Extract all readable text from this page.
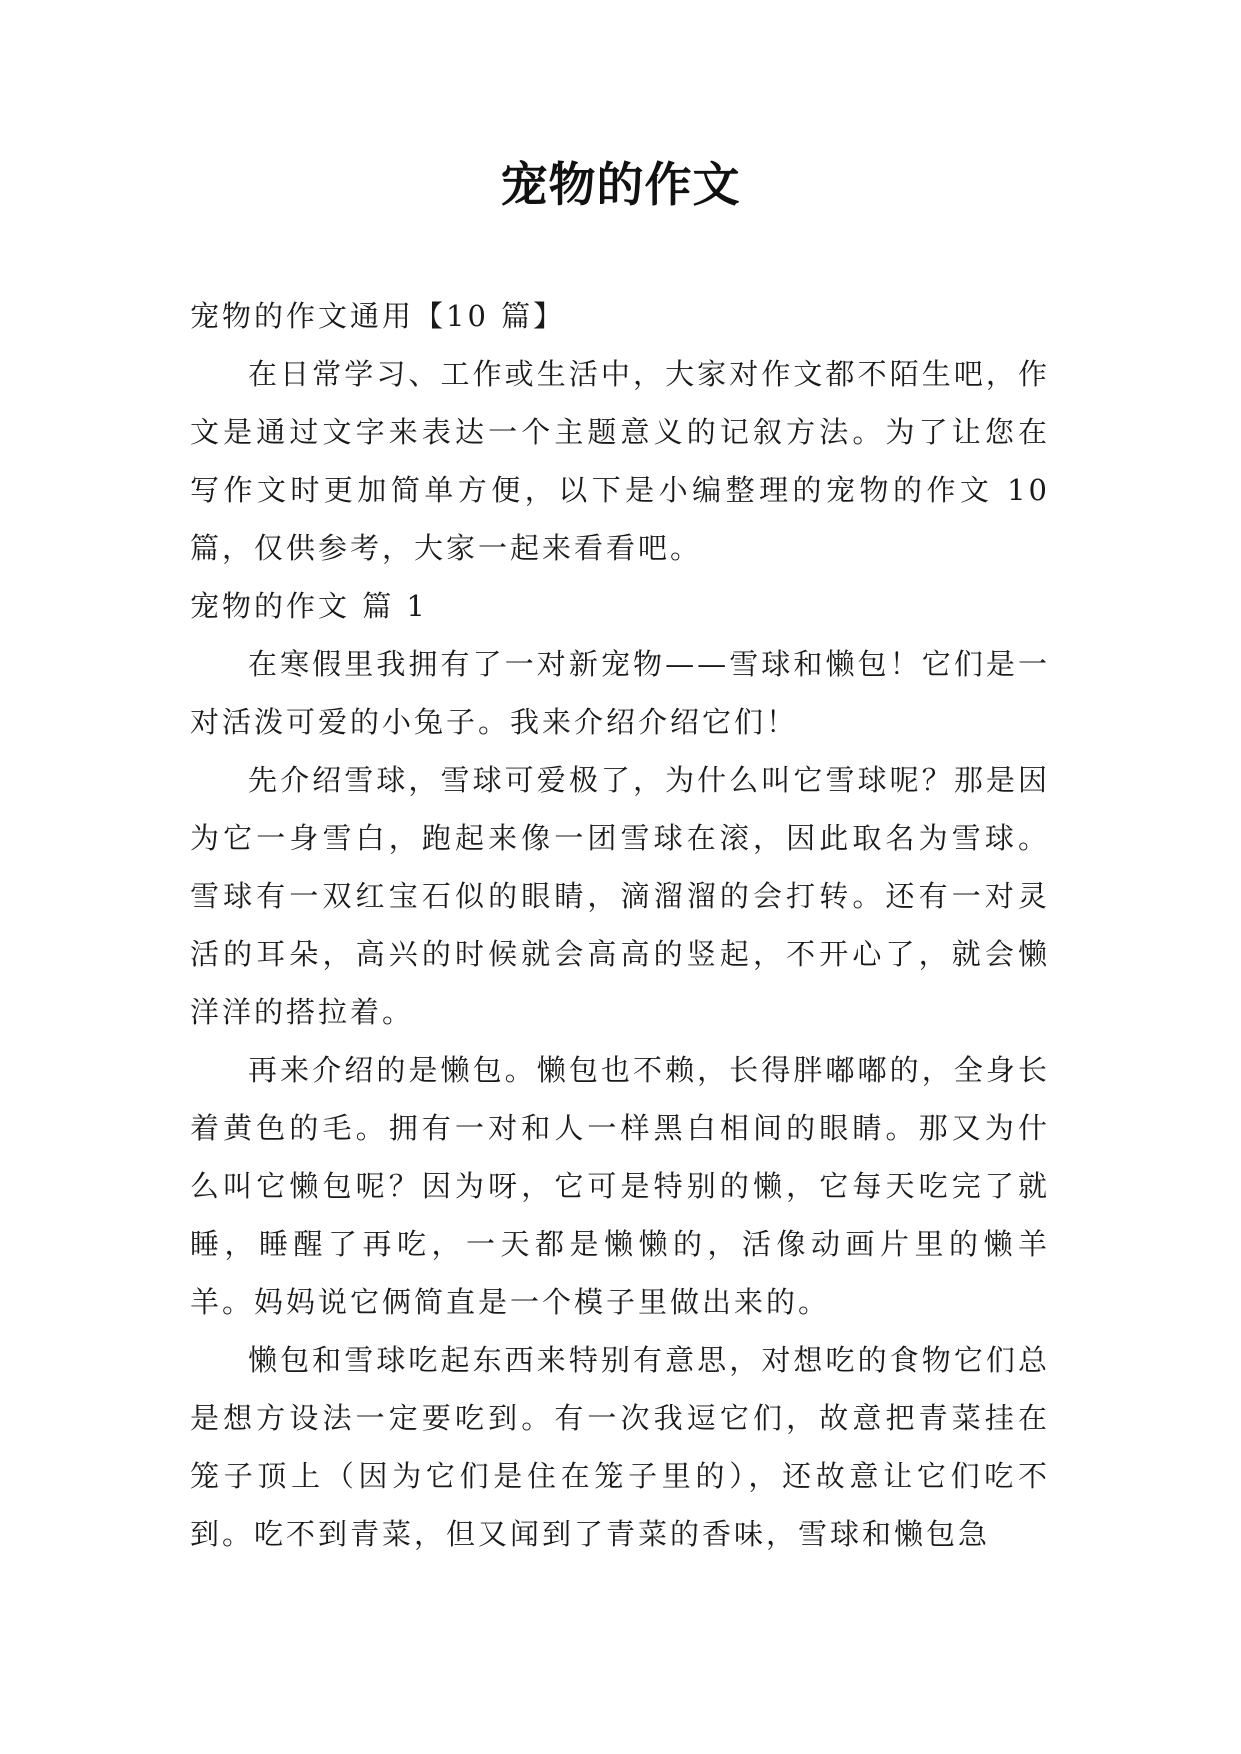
宠物的作文

宠物的作文通用【10 篇】

在日常学习、工作或生活中，大家对作文都不陌生吧，作文是通过文字来表达一个主题意义的记叙方法。为了让您在写作文时更加简单方便，以下是小编整理的宠物的作文 10 篇，仅供参考，大家一起来看看吧。

宠物的作文 篇 1

在寒假里我拥有了一对新宠物——雪球和懒包！它们是一对活泼可爱的小兔子。我来介绍介绍它们！

先介绍雪球，雪球可爱极了，为什么叫它雪球呢？那是因为它一身雪白，跑起来像一团雪球在滚，因此取名为雪球。雪球有一双红宝石似的眼睛，滴溜溜的会打转。还有一对灵活的耳朵，高兴的时候就会高高的竖起，不开心了，就会懒洋洋的搭拉着。

再来介绍的是懒包。懒包也不赖，长得胖嘟嘟的，全身长着黄色的毛。拥有一对和人一样黑白相间的眼睛。那又为什么叫它懒包呢？因为呀，它可是特别的懒，它每天吃完了就睡，睡醒了再吃，一天都是懒懒的，活像动画片里的懒羊羊。妈妈说它俩简直是一个模子里做出来的。

懒包和雪球吃起东西来特别有意思，对想吃的食物它们总是想方设法一定要吃到。有一次我逗它们，故意把青菜挂在笼子顶上（因为它们是住在笼子里的），还故意让它们吃不到。吃不到青菜，但又闻到了青菜的香味，雪球和懒包急
